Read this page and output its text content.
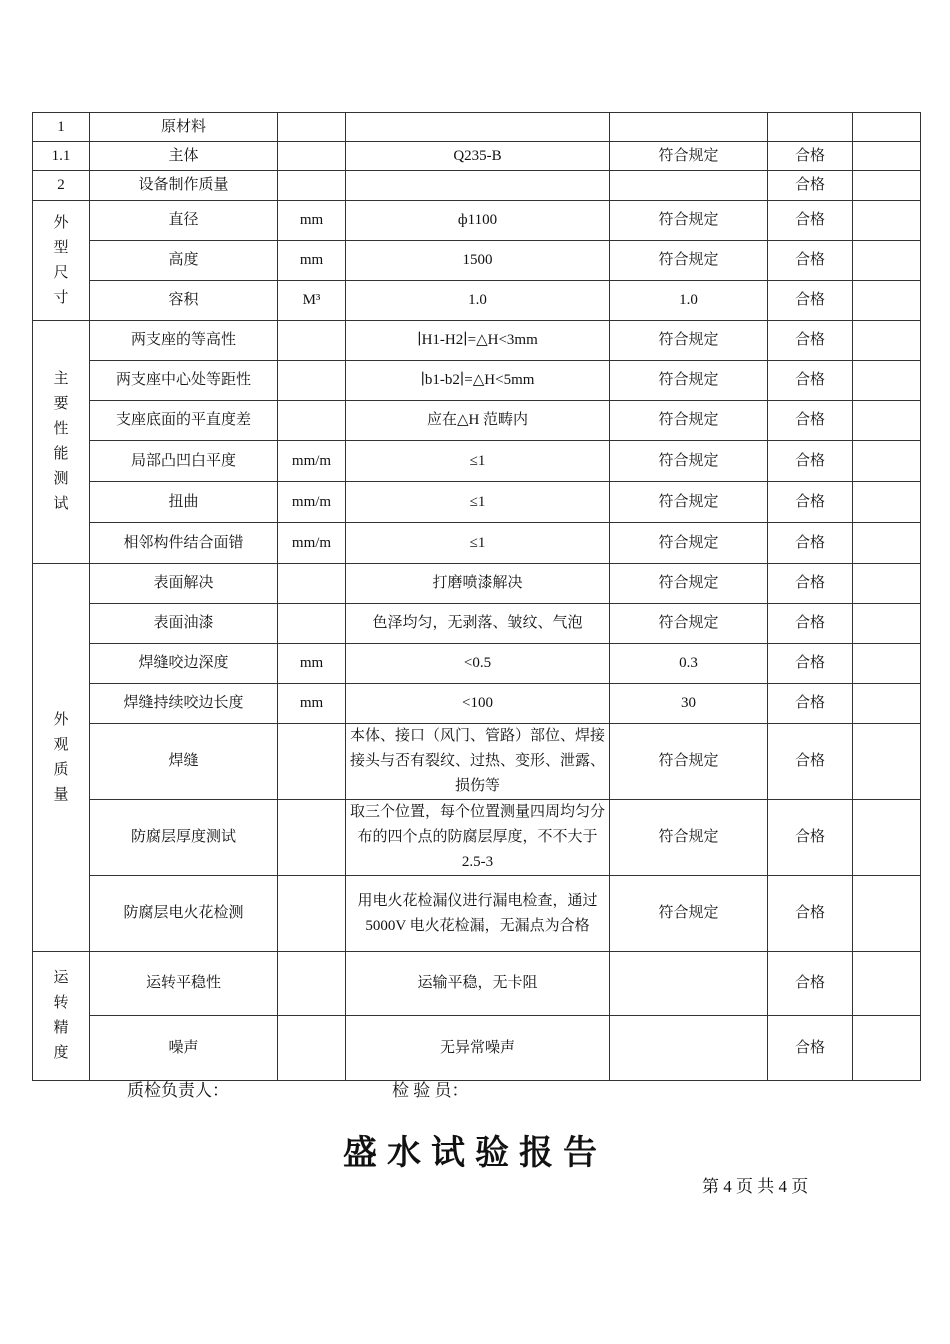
1	原材料					
1.1	主体		Q235-B	符合规定	合格	
2	设备制作质量				合格	
外型尺寸	直径	mm	ф1100	符合规定	合格	
	高度	mm	1500	符合规定	合格	
	容积	M³	1.0	1.0	合格	
主要性能测试	两支座的等高性		∣H1-H2∣=△H<3mm	符合规定	合格	
	两支座中心处等距性		∣b1-b2∣=△H<5mm	符合规定	合格	
	支座底面的平直度差		应在△H 范畴内	符合规定	合格	
	局部凸凹白平度	mm/m	≤1	符合规定	合格	
	扭曲	mm/m	≤1	符合规定	合格	
	相邻构件结合面错	mm/m	≤1	符合规定	合格	
外观质量	表面解决		打磨喷漆解决	符合规定	合格	
	表面油漆		色泽均匀，无剥落、皱纹、气泡	符合规定	合格	
	焊缝咬边深度	mm	<0.5	0.3	合格	
	焊缝持续咬边长度	mm	<100	30	合格	
	焊缝		本体、接口（风门、管路）部位、焊接接头与否有裂纹、过热、变形、泄露、损伤等	符合规定	合格	
	防腐层厚度测试		取三个位置，每个位置测量四周均匀分布的四个点的防腐层厚度，不不大于 2.5-3	符合规定	合格	
	防腐层电火花检测		用电火花检漏仪进行漏电检查，通过 5000V 电火花检漏，无漏点为合格	符合规定	合格	
运转精度	运转平稳性		运输平稳，无卡阻		合格	
	噪声		无异常噪声		合格	
质检负责人：	检 验 员：
盛水试验报告
第 4 页 共 4 页
